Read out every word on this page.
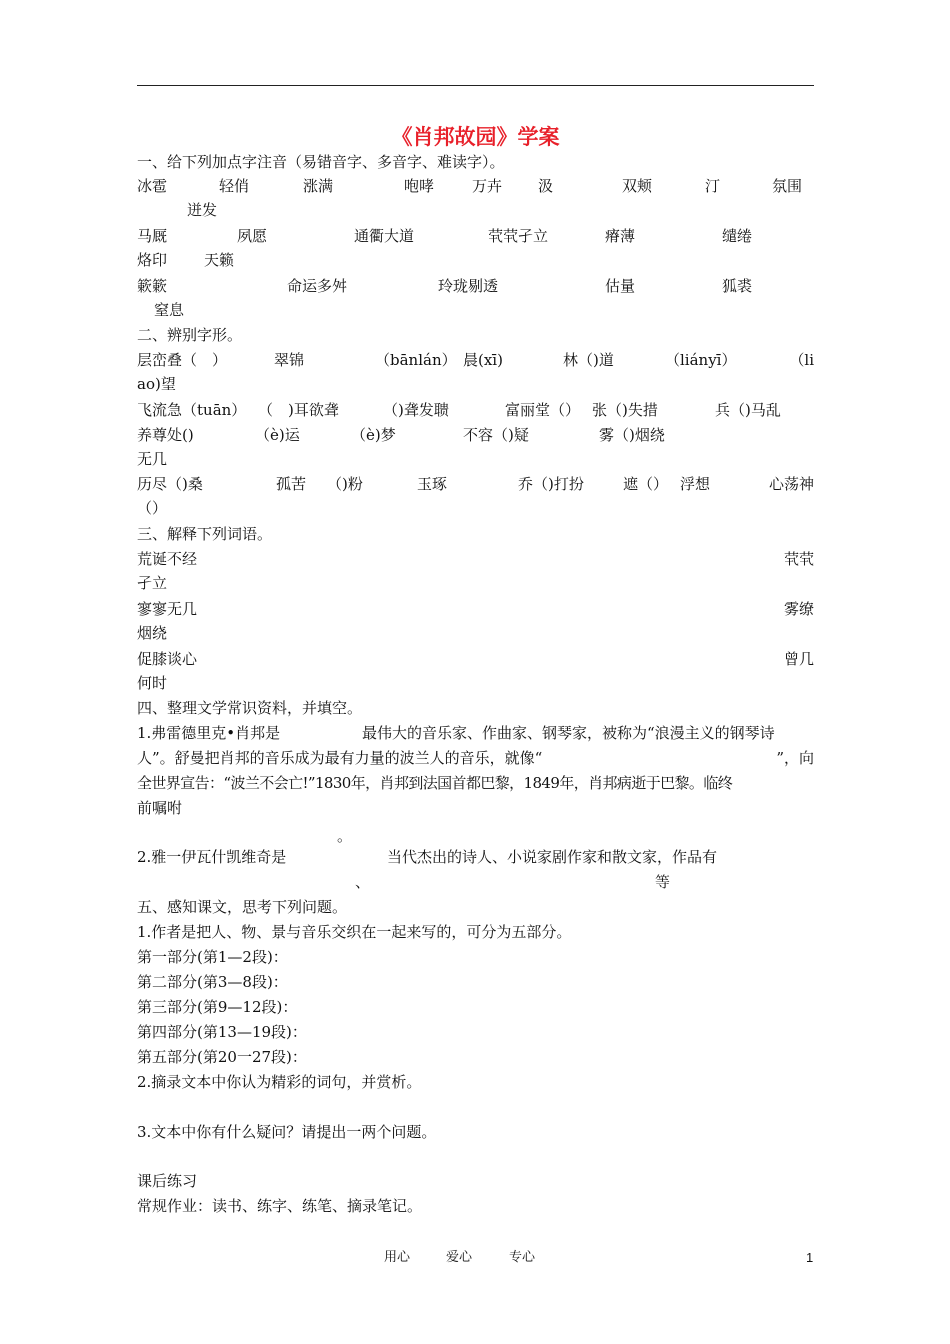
《肖邦故园》学案
一、给下列加点字注音（易错音字、多音字、难读字）。
冰雹	轻俏	涨满	咆哮	万卉 汲	双颊	汀	氛围
迸发
马厩	夙愿	通衢大道	茕茕孑立	瘠薄	缱绻
烙印 天籁
簌簌	命运多舛	玲珑剔透	估量	狐裘
窒息
二、辨别字形。
层峦叠（　）	翠锦	（bānlán） 晨(xī)	林（)道	（liányī）	（li
ao)望
飞流急（tuān） （　)耳欲聋	（)聋发聩	富丽堂（） 张（)失措	兵（)马乱
养尊处()	（è)运	（è)梦	不容（)疑	雾（)烟绕
无几
历尽（)桑	孤苦 （)粉	玉琢	乔（)打扮	遮（） 浮想	心荡神
（）
三、解释下列词语。
荒诞不经	茕茕
孑立
寥寥无几	雾缭
烟绕
促膝谈心	曾几
何时
四、整理文学常识资料，并填空。
1.弗雷德里克•肖邦是	最伟大的音乐家、作曲家、钢琴家，被称为“浪漫主义的钢琴诗
人”。舒曼把肖邦的音乐成为最有力量的波兰人的音乐，就像“	”，向
全世界宣告：“波兰不会亡!”1830年，肖邦到法国首都巴黎，1849年，肖邦病逝于巴黎。临终
前嘱咐
。
2.雅一伊瓦什凯维奇是	当代杰出的诗人、小说家剧作家和散文家，作品有
、	等
五、感知课文，思考下列问题。
1.作者是把人、物、景与音乐交织在一起来写的，可分为五部分。
第一部分(第1—2段)：
第二部分(第3—8段)：
第三部分(第9—12段)：
第四部分(第13—19段)：
第五部分(第20一27段)：
2.摘录文本中你认为精彩的词句，并赏析。
3.文本中你有什么疑问？请提出一两个问题。
课后练习
常规作业：读书、练字、练笔、摘录笔记。
用心	爱心	专心	1
